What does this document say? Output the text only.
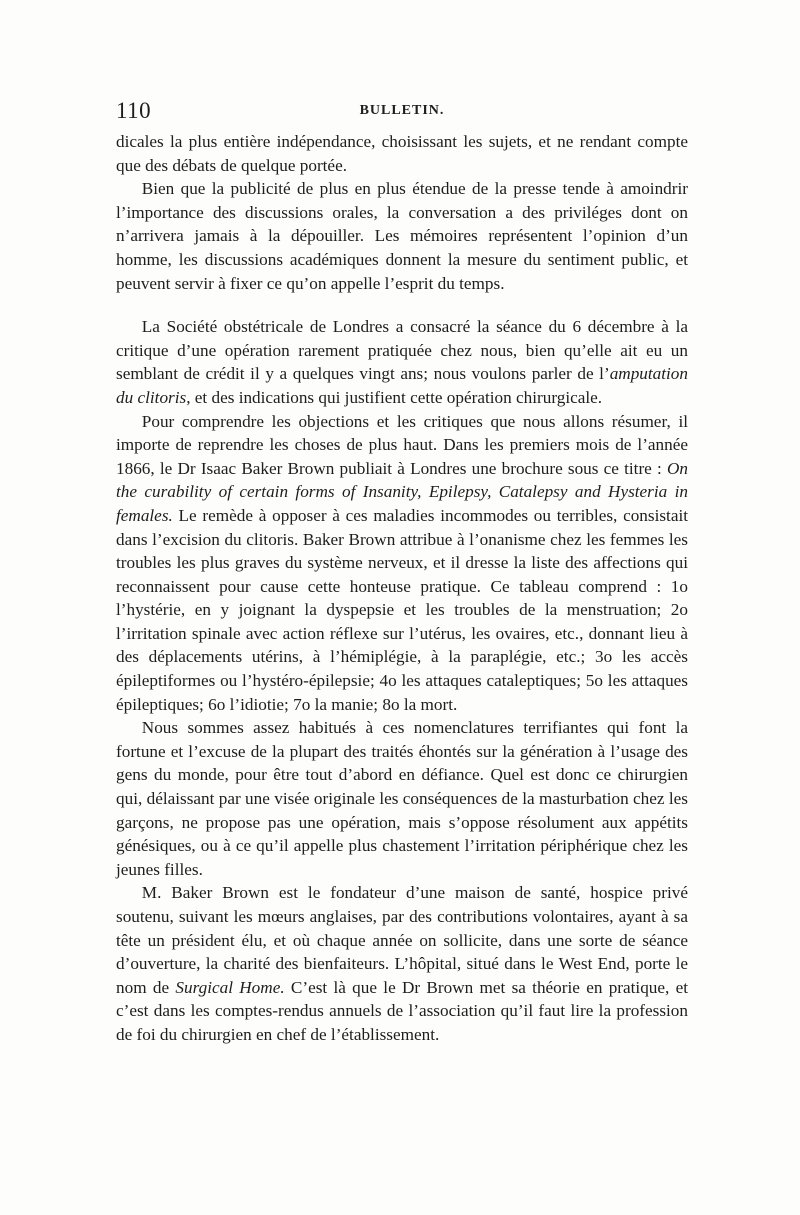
110	BULLETIN.

dicales la plus entière indépendance, choisissant les sujets, et ne rendant compte que des débats de quelque portée.

Bien que la publicité de plus en plus étendue de la presse tende à amoindrir l’importance des discussions orales, la conversation a des priviléges dont on n’arrivera jamais à la dépouiller. Les mémoires représentent l’opinion d’un homme, les discussions académiques donnent la mesure du sentiment public, et peuvent servir à fixer ce qu’on appelle l’esprit du temps.

La Société obstétricale de Londres a consacré la séance du 6 décembre à la critique d’une opération rarement pratiquée chez nous, bien qu’elle ait eu un semblant de crédit il y a quelques vingt ans; nous voulons parler de l’amputation du clitoris, et des indications qui justifient cette opération chirurgicale.

Pour comprendre les objections et les critiques que nous allons résumer, il importe de reprendre les choses de plus haut. Dans les premiers mois de l’année 1866, le Dr Isaac Baker Brown publiait à Londres une brochure sous ce titre : On the curability of certain forms of Insanity, Epilepsy, Catalepsy and Hysteria in females. Le remède à opposer à ces maladies incommodes ou terribles, consistait dans l’excision du clitoris. Baker Brown attribue à l’onanisme chez les femmes les troubles les plus graves du système nerveux, et il dresse la liste des affections qui reconnaissent pour cause cette honteuse pratique. Ce tableau comprend : 1o l’hystérie, en y joignant la dyspepsie et les troubles de la menstruation; 2o l’irritation spinale avec action réflexe sur l’utérus, les ovaires, etc., donnant lieu à des déplacements utérins, à l’hémiplégie, à la paraplégie, etc.; 3o les accès épileptiformes ou l’hystéro-épilepsie; 4o les attaques cataleptiques; 5o les attaques épileptiques; 6o l’idiotie; 7o la manie; 8o la mort.

Nous sommes assez habitués à ces nomenclatures terrifiantes qui font la fortune et l’excuse de la plupart des traités éhontés sur la génération à l’usage des gens du monde, pour être tout d’abord en défiance. Quel est donc ce chirurgien qui, délaissant par une visée originale les conséquences de la masturbation chez les garçons, ne propose pas une opération, mais s’oppose résolument aux appétits génésiques, ou à ce qu’il appelle plus chastement l’irritation périphérique chez les jeunes filles.

M. Baker Brown est le fondateur d’une maison de santé, hospice privé soutenu, suivant les mœurs anglaises, par des contributions volontaires, ayant à sa tête un président élu, et où chaque année on sollicite, dans une sorte de séance d’ouverture, la charité des bienfaiteurs. L’hôpital, situé dans le West End, porte le nom de Surgical Home. C’est là que le Dr Brown met sa théorie en pratique, et c’est dans les comptes-rendus annuels de l’association qu’il faut lire la profession de foi du chirurgien en chef de l’établissement.
